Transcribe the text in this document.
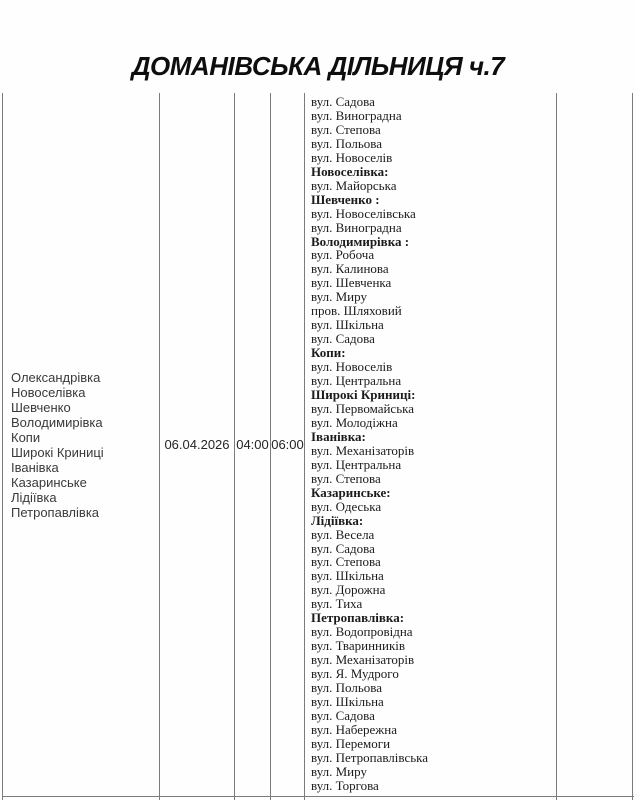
ДОМАНІВСЬКА ДІЛЬНИЦЯ ч.7
Олександрівка
Новоселівка
Шевченко
Володимирівка
Копи
Широкі Криниці
Іванівка
Казаринське
Лідіївка
Петропавлівка
06.04.2026 04:00 06:00
вул. Садова
вул. Виноградна
вул. Степова
вул. Польова
вул. Новоселів
Новоселівка:
вул. Майорська
Шевченко :
вул. Новоселівська
вул. Виноградна
Володимирівка :
вул. Робоча
вул. Калинова
вул. Шевченка
вул. Миру
пров. Шляховий
вул. Шкільна
вул. Садова
Копи:
вул. Новоселів
вул. Центральна
Широкі Криниці:
вул. Первомайська
вул. Молодіжна
Іванівка:
вул. Механізаторів
вул. Центральна
вул. Степова
Казаринське:
вул. Одеська
Лідіївка:
вул. Весела
вул. Садова
вул. Степова
вул. Шкільна
вул. Дорожна
вул. Тиха
Петропавлівка:
вул. Водопровідна
вул. Тваринників
вул. Механізаторів
вул. Я. Мудрого
вул. Польова
вул. Шкільна
вул. Садова
вул. Набережна
вул. Перемоги
вул. Петропавлівська
вул. Миру
вул. Торгова
